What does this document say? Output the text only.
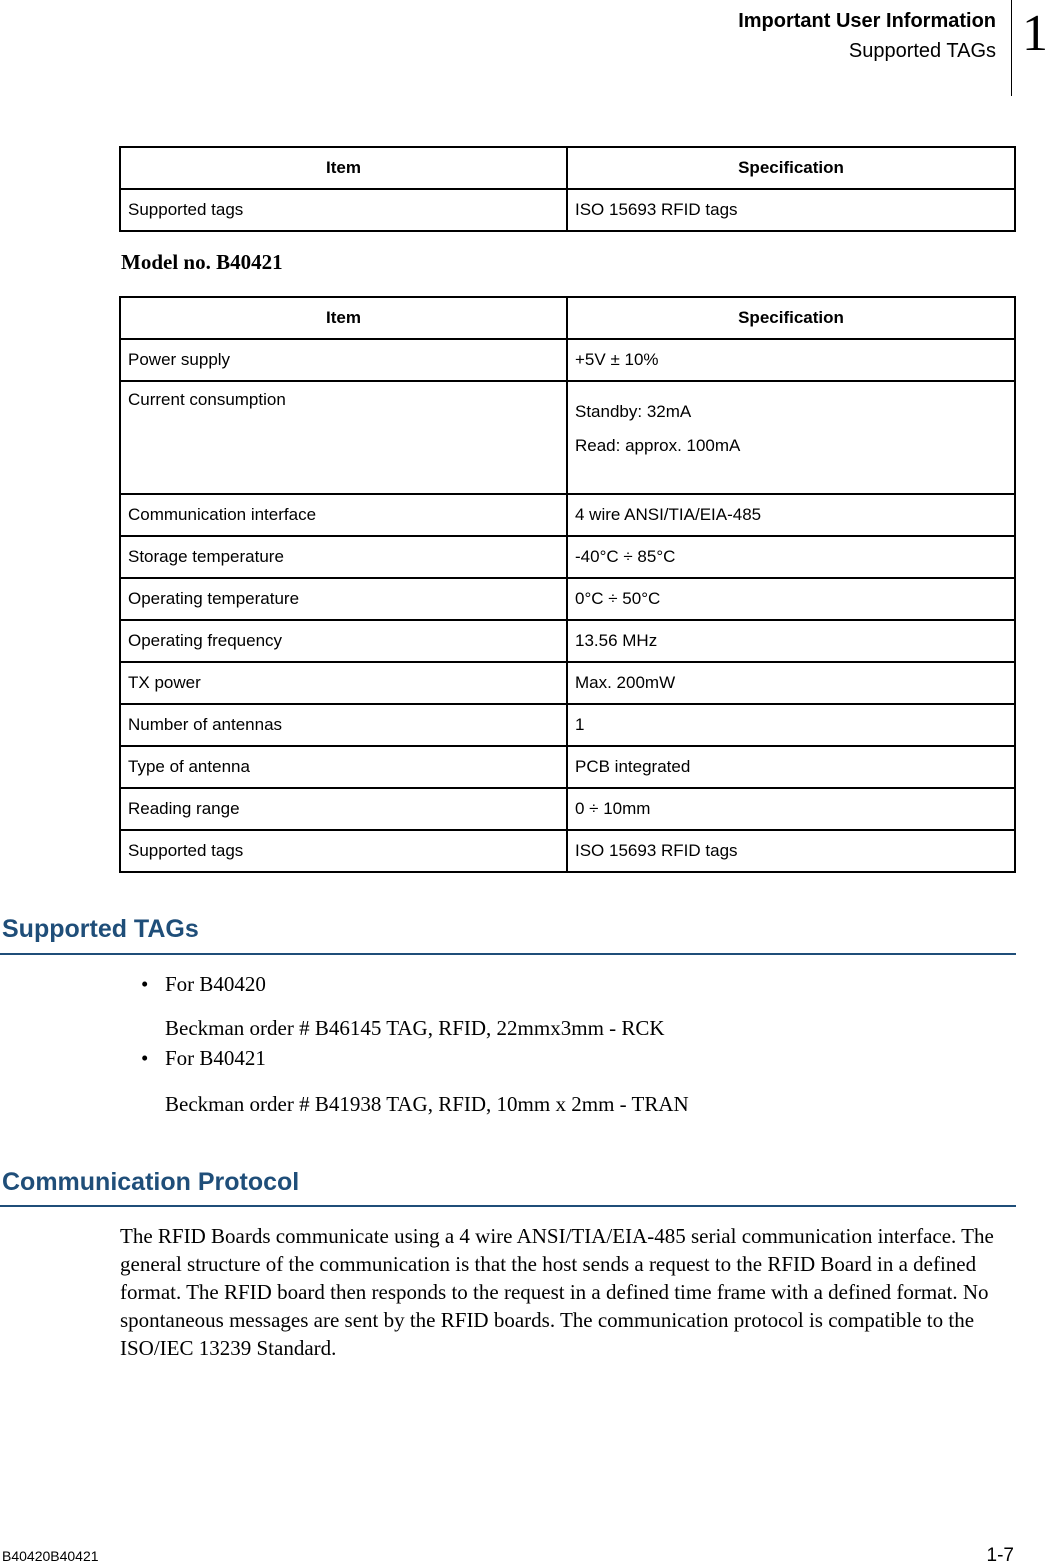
Important User Information
Supported TAGs 1
Item	Specification
Supported tags	ISO 15693 RFID tags
Model no. B40421
Item	Specification
Power supply	+5V ± 10%
Current consumption	Standby: 32mA
Read: approx. 100mA

Communication interface	4 wire ANSI/TIA/EIA-485
Storage temperature	-40°C ÷ 85°C
Operating temperature	0°C ÷ 50°C
Operating frequency	13.56 MHz
TX power	Max. 200mW
Number of antennas	1
Type of antenna	PCB integrated
Reading range	0 ÷ 10mm
Supported tags	ISO 15693 RFID tags
Supported TAGs
• For B40420
Beckman order # B46145 TAG, RFID, 22mmx3mm - RCK
• For B40421
Beckman order # B41938 TAG, RFID, 10mm x 2mm - TRAN
Communication Protocol
The RFID Boards communicate using a 4 wire ANSI/TIA/EIA-485 serial communication interface. The general structure of the communication is that the host sends a request to the RFID Board in a defined format. The RFID board then responds to the request in a defined time frame with a defined format. No spontaneous messages are sent by the RFID boards. The communication protocol is compatible to the ISO/IEC 13239 Standard.
B40420B40421	1-7
